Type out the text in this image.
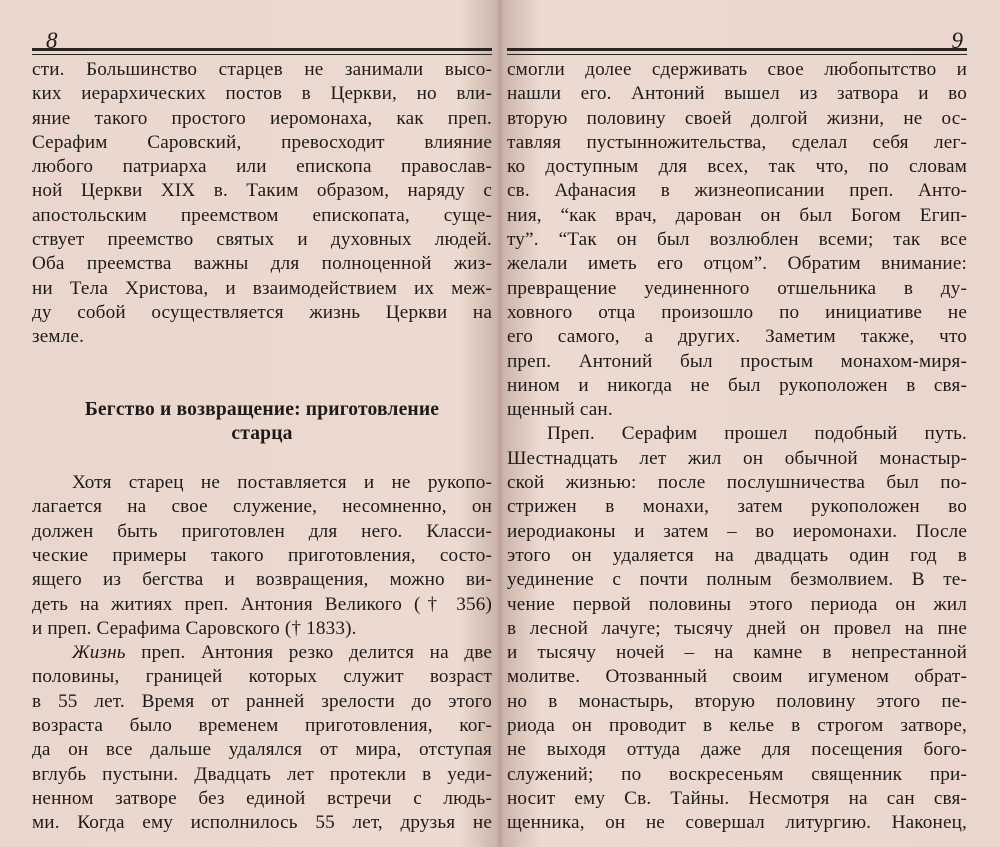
8
сти. Большинство старцев не занимали высо-
ких иерархических постов в Церкви, но вли-
яние такого простого иеромонаха, как преп.
Серафим Саровский, превосходит влияние
любого патриарха или епископа православ-
ной Церкви XIX в. Таким образом, наряду с
апостольским преемством епископата, суще-
ствует преемство святых и духовных людей.
Оба преемства важны для полноценной жиз-
ни Тела Христова, и взаимодействием их меж-
ду собой осуществляется жизнь Церкви на
земле.
Бегство и возвращение: приготовление
старца
Хотя старец не поставляется и не рукопо-
лагается на свое служение, несомненно, он
должен быть приготовлен для него. Класси-
ческие примеры такого приготовления, состо-
ящего из бегства и возвращения, можно ви-
деть на житиях преп. Антония Великого († 356)
и преп. Серафима Саровского († 1833).
Жизнь преп. Антония резко делится на две
половины, границей которых служит возраст
в 55 лет. Время от ранней зрелости до этого
возраста было временем приготовления, ког-
да он все дальше удалялся от мира, отступая
вглубь пустыни. Двадцать лет протекли в уеди-
ненном затворе без единой встречи с людь-
ми. Когда ему исполнилось 55 лет, друзья не
9
смогли долее сдерживать свое любопытство и
нашли его. Антоний вышел из затвора и во
вторую половину своей долгой жизни, не ос-
тавляя пустынножительства, сделал себя лег-
ко доступным для всех, так что, по словам
св. Афанасия в жизнеописании преп. Анто-
ния, “как врач, дарован он был Богом Егип-
ту”. “Так он был возлюблен всеми; так все
желали иметь его отцом”. Обратим внимание:
превращение уединенного отшельника в ду-
ховного отца произошло по инициативе не
его самого, а других. Заметим также, что
преп. Антоний был простым монахом-миря-
нином и никогда не был рукоположен в свя-
щенный сан.
Преп. Серафим прошел подобный путь.
Шестнадцать лет жил он обычной монастыр-
ской жизнью: после послушничества был по-
стрижен в монахи, затем рукоположен во
иеродиаконы и затем – во иеромонахи. После
этого он удаляется на двадцать один год в
уединение с почти полным безмолвием. В те-
чение первой половины этого периода он жил
в лесной лачуге; тысячу дней он провел на пне
и тысячу ночей – на камне в непрестанной
молитве. Отозванный своим игуменом обрат-
но в монастырь, вторую половину этого пе-
риода он проводит в келье в строгом затворе,
не выходя оттуда даже для посещения бого-
служений; по воскресеньям священник при-
носит ему Св. Тайны. Несмотря на сан свя-
щенника, он не совершал литургию. Наконец,
